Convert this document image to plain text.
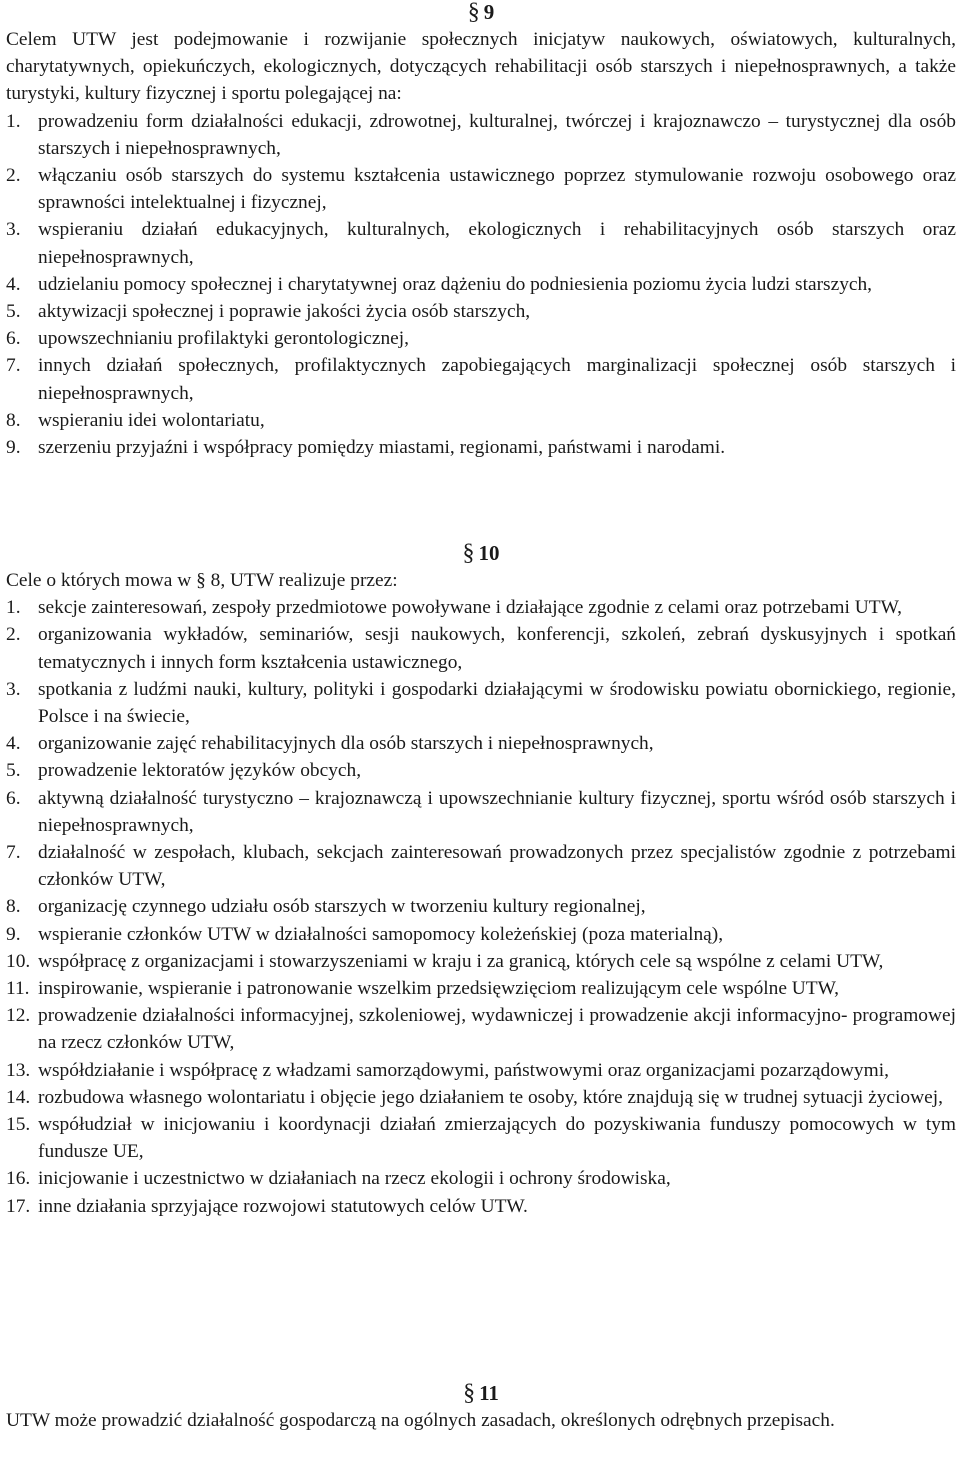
§ 9

Celem UTW jest podejmowanie i rozwijanie społecznych inicjatyw naukowych, oświatowych, kulturalnych, charytatywnych, opiekuńczych, ekologicznych, dotyczących rehabilitacji osób starszych i niepełnosprawnych, a także turystyki, kultury fizycznej i sportu polegającej na:

1. prowadzeniu form działalności edukacji, zdrowotnej, kulturalnej, twórczej i krajoznawczo – turystycznej dla osób starszych i niepełnosprawnych,
2. włączaniu osób starszych do systemu kształcenia ustawicznego poprzez stymulowanie rozwoju osobowego oraz sprawności intelektualnej i fizycznej,
3. wspieraniu działań edukacyjnych, kulturalnych, ekologicznych i rehabilitacyjnych osób starszych oraz niepełnosprawnych,
4. udzielaniu pomocy społecznej i charytatywnej oraz dążeniu do podniesienia poziomu życia ludzi starszych,
5. aktywizacji społecznej i poprawie jakości życia osób starszych,
6. upowszechnianiu profilaktyki gerontologicznej,
7. innych działań społecznych, profilaktycznych zapobiegających marginalizacji społecznej osób starszych i niepełnosprawnych,
8. wspieraniu idei wolontariatu,
9. szerzeniu przyjaźni i współpracy pomiędzy miastami, regionami, państwami i narodami.
§ 10

Cele o których mowa w § 8, UTW realizuje przez:

1. sekcje zainteresowań, zespoły przedmiotowe powoływane i działające zgodnie z celami oraz potrzebami UTW,
2. organizowania wykładów, seminariów, sesji naukowych, konferencji, szkoleń, zebrań dyskusyjnych i spotkań tematycznych i innych form kształcenia ustawicznego,
3. spotkania z ludźmi nauki, kultury, polityki i gospodarki działającymi w środowisku powiatu obornickiego, regionie, Polsce i na świecie,
4. organizowanie zajęć rehabilitacyjnych dla osób starszych i niepełnosprawnych,
5. prowadzenie lektoratów języków obcych,
6. aktywną działalność turystyczno – krajoznawczą i upowszechnianie kultury fizycznej, sportu wśród osób starszych i niepełnosprawnych,
7. działalność w zespołach, klubach, sekcjach zainteresowań prowadzonych przez specjalistów zgodnie z potrzebami członków UTW,
8. organizację czynnego udziału osób starszych w tworzeniu kultury regionalnej,
9. wspieranie członków UTW w działalności samopomocy koleżeńskiej (poza materialną),
10. współpracę z organizacjami i stowarzyszeniami w kraju i za granicą, których cele są wspólne z celami UTW,
11. inspirowanie, wspieranie i patronowanie wszelkim przedsięwzięciom realizującym cele wspólne UTW,
12. prowadzenie działalności informacyjnej, szkoleniowej, wydawniczej i prowadzenie akcji informacyjno- programowej na rzecz członków UTW,
13. współdziałanie i współpracę z władzami samorządowymi, państwowymi oraz organizacjami pozarządowymi,
14. rozbudowa własnego wolontariatu i objęcie jego działaniem te osoby, które znajdują się w trudnej sytuacji życiowej,
15. współudział w inicjowaniu i koordynacji działań zmierzających do pozyskiwania funduszy pomocowych w tym fundusze UE,
16. inicjowanie i uczestnictwo w działaniach na rzecz ekologii i ochrony środowiska,
17. inne działania sprzyjające rozwojowi statutowych celów UTW.
§ 11

UTW może prowadzić działalność gospodarczą na ogólnych zasadach, określonych odrębnych przepisach.
